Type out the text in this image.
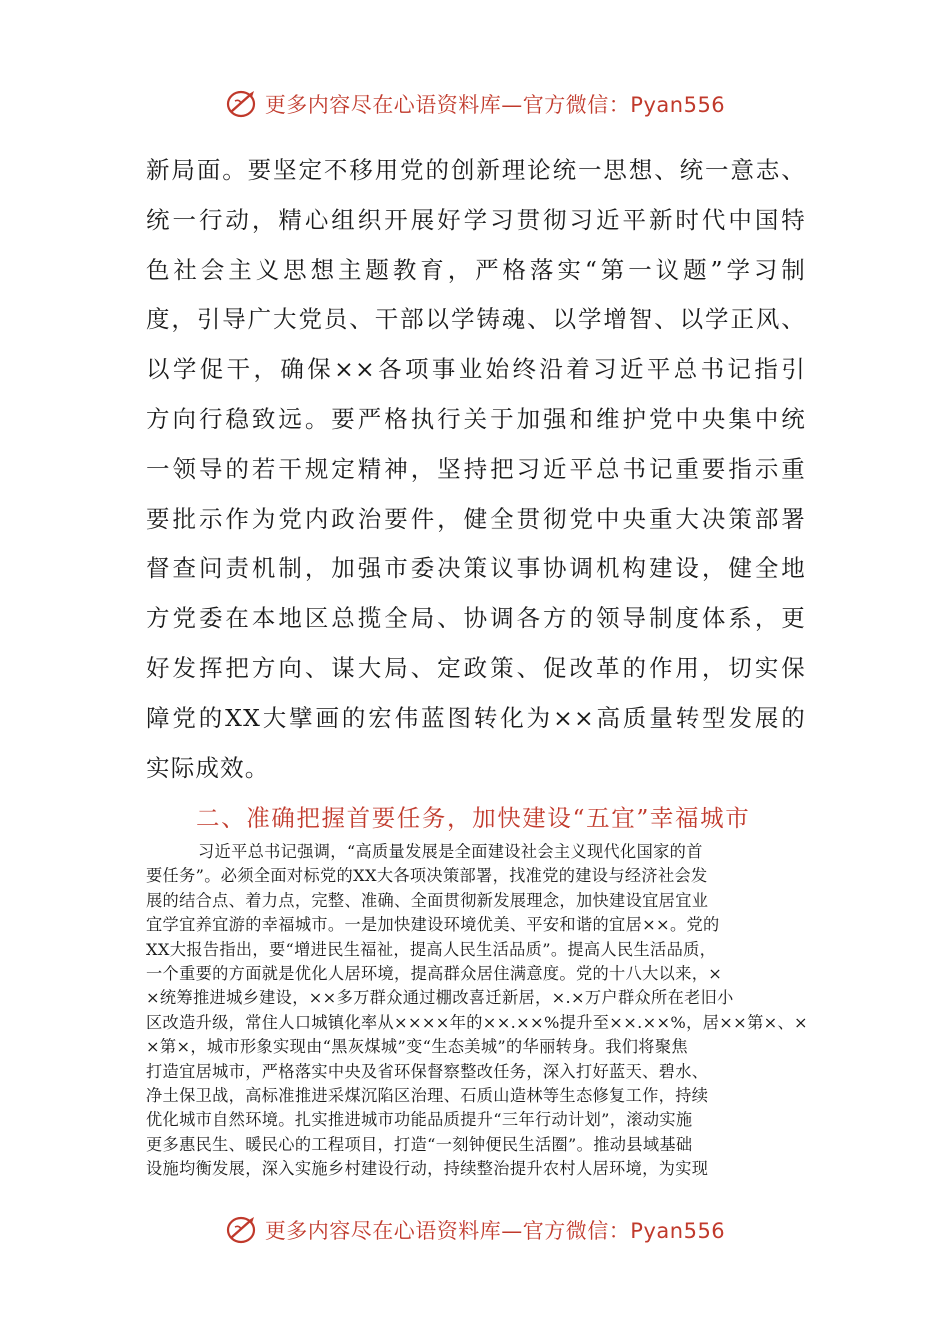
更多内容尽在心语资料库—官方微信：Pyan556
新局面。要坚定不移用党的创新理论统一思想、统一意志、
统一行动，精心组织开展好学习贯彻习近平新时代中国特
色社会主义思想主题教育，严格落实“第一议题”学习制
度，引导广大党员、干部以学铸魂、以学增智、以学正风、
以学促干，确保××各项事业始终沿着习近平总书记指引
方向行稳致远。要严格执行关于加强和维护党中央集中统
一领导的若干规定精神，坚持把习近平总书记重要指示重
要批示作为党内政治要件，健全贯彻党中央重大决策部署
督查问责机制，加强市委决策议事协调机构建设，健全地
方党委在本地区总揽全局、协调各方的领导制度体系，更
好发挥把方向、谋大局、定政策、促改革的作用，切实保
障党的XX大擘画的宏伟蓝图转化为××高质量转型发展的
实际成效。
二、准确把握首要任务，加快建设“五宜”幸福城市
习近平总书记强调，“高质量发展是全面建设社会主义现代化国家的首
要任务”。必须全面对标党的XX大各项决策部署，找准党的建设与经济社会发
展的结合点、着力点，完整、准确、全面贯彻新发展理念，加快建设宜居宜业
宜学宜养宜游的幸福城市。一是加快建设环境优美、平安和谐的宜居××。党的
XX大报告指出，要“增进民生福祉，提高人民生活品质”。提高人民生活品质，
一个重要的方面就是优化人居环境，提高群众居住满意度。党的十八大以来，×
×统筹推进城乡建设，××多万群众通过棚改喜迁新居，×.×万户群众所在老旧小
区改造升级，常住人口城镇化率从××××年的××.××%提升至××.××%，居××第×、×
×第×，城市形象实现由“黑灰煤城”变“生态美城”的华丽转身。我们将聚焦
打造宜居城市，严格落实中央及省环保督察整改任务，深入打好蓝天、碧水、
净土保卫战，高标准推进采煤沉陷区治理、石质山造林等生态修复工作，持续
优化城市自然环境。扎实推进城市功能品质提升“三年行动计划”，滚动实施
更多惠民生、暖民心的工程项目，打造“一刻钟便民生活圈”。推动县域基础
设施均衡发展，深入实施乡村建设行动，持续整治提升农村人居环境，为实现
更多内容尽在心语资料库—官方微信：Pyan556
